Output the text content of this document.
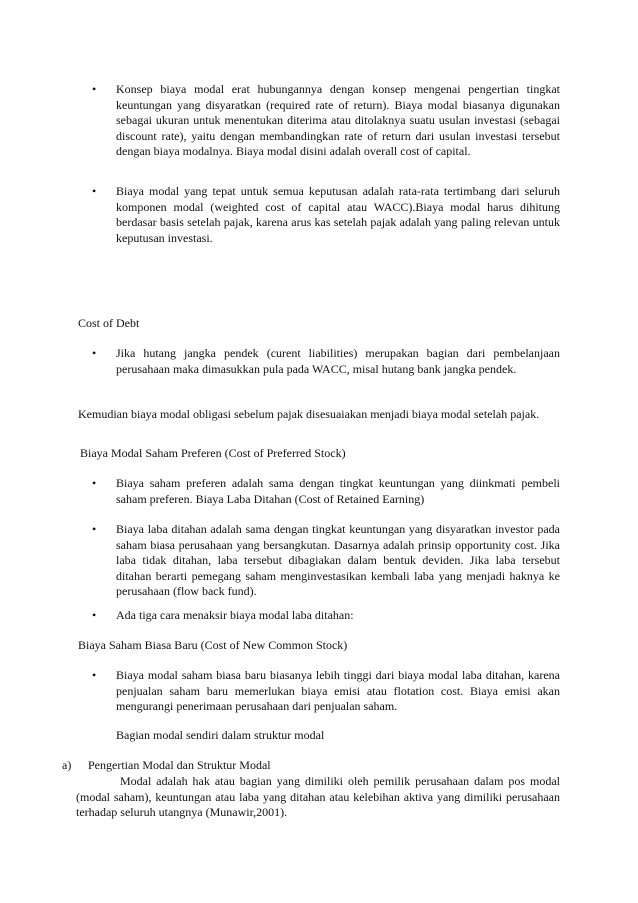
• Konsep biaya modal erat hubungannya dengan konsep mengenai pengertian tingkat keuntungan yang disyaratkan (required rate of return). Biaya modal biasanya digunakan sebagai ukuran untuk menentukan diterima atau ditolaknya suatu usulan investasi (sebagai discount rate), yaitu dengan membandingkan rate of return dari usulan investasi tersebut dengan biaya modalnya. Biaya modal disini adalah overall cost of capital.
• Biaya modal yang tepat untuk semua keputusan adalah rata-rata tertimbang dari seluruh komponen modal (weighted cost of capital atau WACC).Biaya modal harus dihitung berdasar basis setelah pajak, karena arus kas setelah pajak adalah yang paling relevan untuk keputusan investasi.
Cost of Debt
• Jika hutang jangka pendek (curent liabilities) merupakan bagian dari pembelanjaan perusahaan maka dimasukkan pula pada WACC, misal hutang bank jangka pendek.
Kemudian biaya modal obligasi sebelum pajak disesuaiakan menjadi biaya modal setelah pajak.
Biaya Modal Saham Preferen (Cost of Preferred Stock)
• Biaya saham preferen adalah sama dengan tingkat keuntungan yang diinkmati pembeli saham preferen. Biaya Laba Ditahan (Cost of Retained Earning)
• Biaya laba ditahan adalah sama dengan tingkat keuntungan yang disyaratkan investor pada saham biasa perusahaan yang bersangkutan. Dasarnya adalah prinsip opportunity cost. Jika laba tidak ditahan, laba tersebut dibagiakan dalam bentuk deviden. Jika laba tersebut ditahan berarti pemegang saham menginvestasikan kembali laba yang menjadi haknya ke perusahaan (flow back fund).
• Ada tiga cara menaksir biaya modal laba ditahan:
Biaya Saham Biasa Baru (Cost of New Common Stock)
• Biaya modal saham biasa baru biasanya lebih tinggi dari biaya modal laba ditahan, karena penjualan saham baru memerlukan biaya emisi atau flotation cost. Biaya emisi akan mengurangi penerimaan perusahaan dari penjualan saham.
Bagian modal sendiri dalam struktur modal
a) Pengertian Modal dan Struktur Modal
Modal adalah hak atau bagian yang dimiliki oleh pemilik perusahaan dalam pos modal (modal saham), keuntungan atau laba yang ditahan atau kelebihan aktiva yang dimiliki perusahaan terhadap seluruh utangnya (Munawir,2001).
